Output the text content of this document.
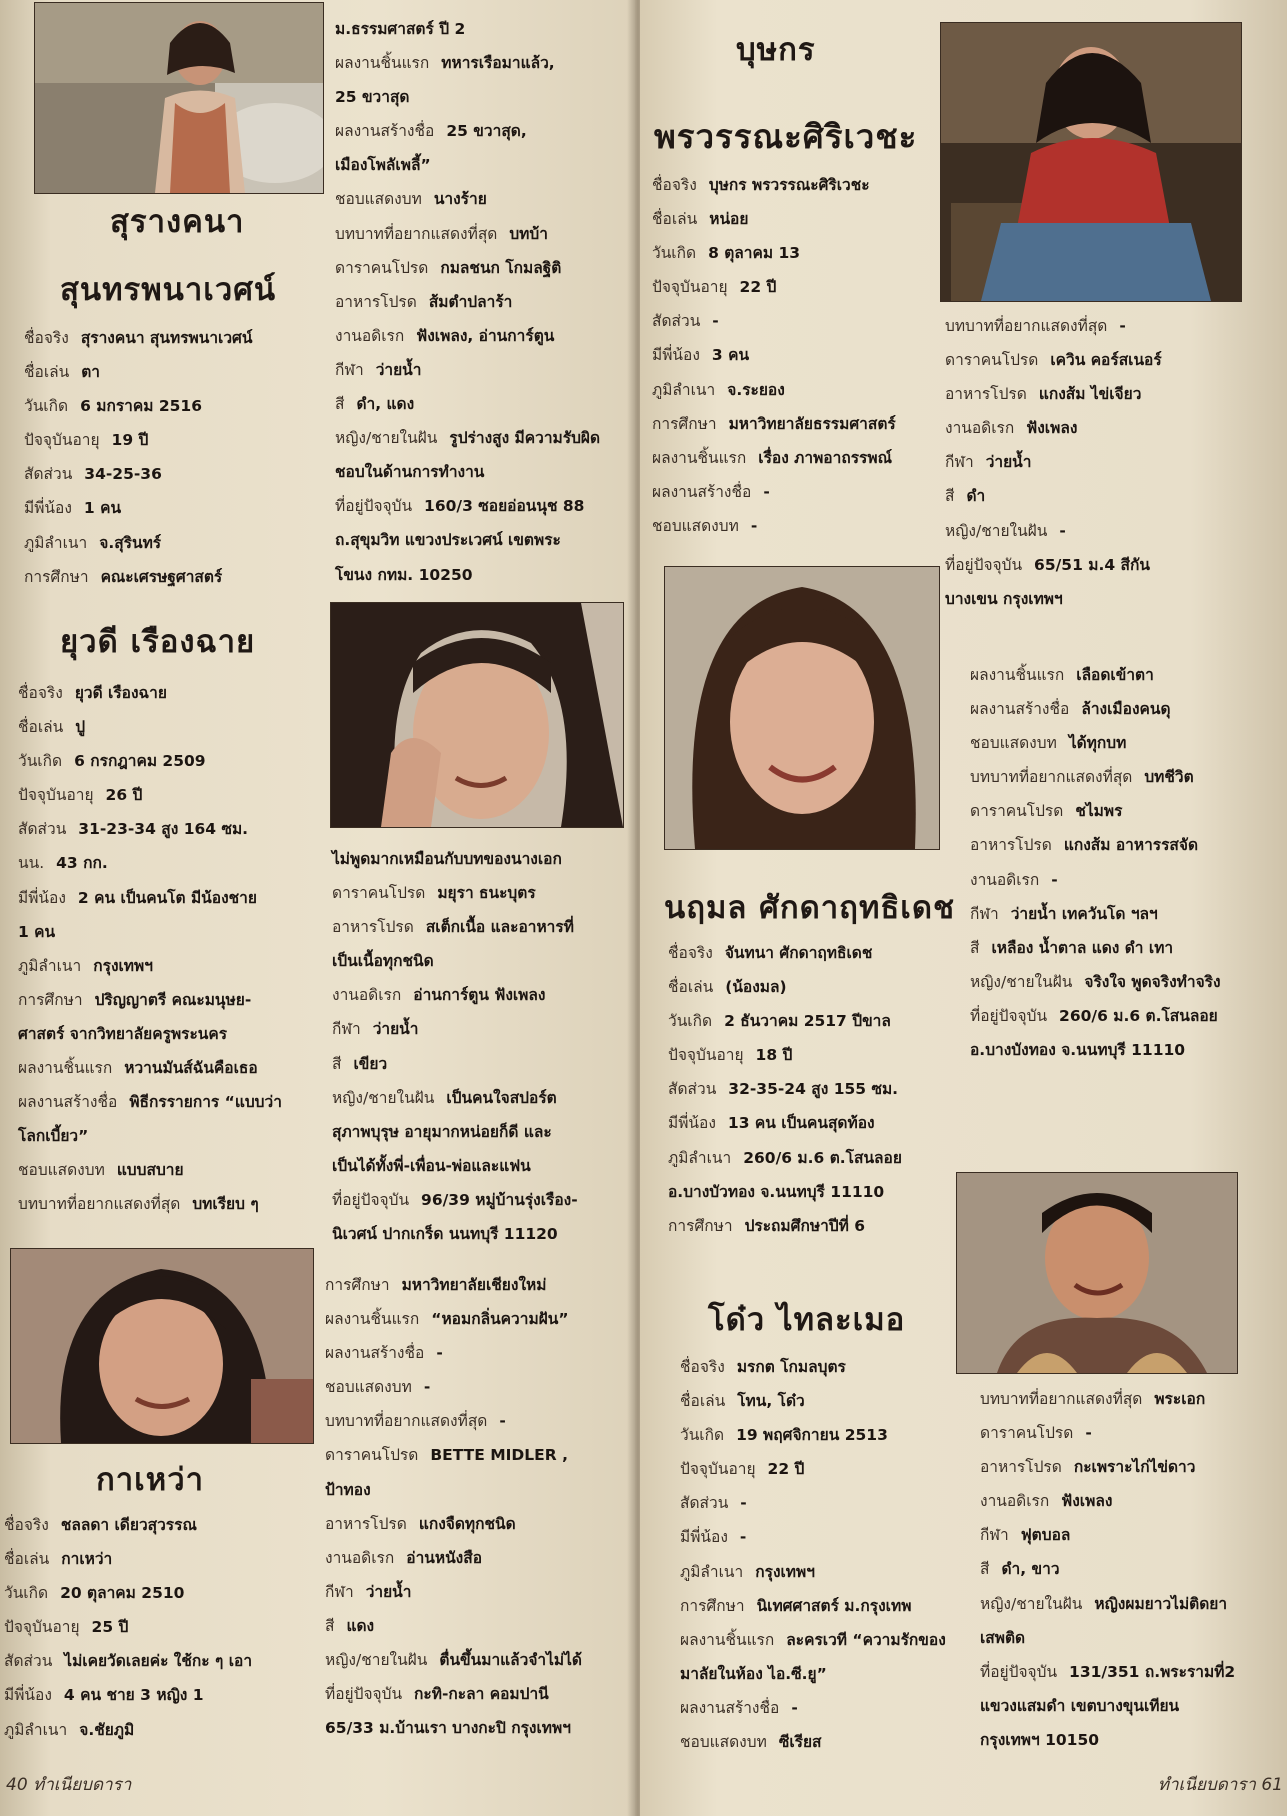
สุรางคนา
สุนทรพนาเวศน์
ชื่อจริง สุรางคนา สุนทรพนาเวศน์
ชื่อเล่น ตา
วันเกิด 6 มกราคม 2516
ปัจจุบันอายุ 19 ปี
สัดส่วน 34-25-36
มีพี่น้อง 1 คน
ภูมิลำเนา จ.สุรินทร์
การศึกษา คณะเศรษฐศาสตร์
ม.ธรรมศาสตร์ ปี 2
ผลงานชิ้นแรก ทหารเรือมาแล้ว,
25 ขวาสุด
ผลงานสร้างชื่อ 25 ขวาสุด,
เมืองโพลัเพลี้”
ชอบแสดงบท นางร้าย
บทบาทที่อยากแสดงที่สุด บทบ้า
ดาราคนโปรด กมลชนก โกมลฐิติ
อาหารโปรด ส้มตำปลาร้า
งานอดิเรก ฟังเพลง, อ่านการ์ตูน
กีฬา ว่ายน้ำ
สี ดำ, แดง
หญิง/ชายในฝัน รูปร่างสูง มีความรับผิด
ชอบในด้านการทำงาน
ที่อยู่ปัจจุบัน 160/3 ซอยอ่อนนุช 88
ถ.สุขุมวิท แขวงประเวศน์ เขตพระ
โขนง กทม. 10250
ยุวดี เรืองฉาย
ชื่อจริง ยุวดี เรืองฉาย
ชื่อเล่น ปู
วันเกิด 6 กรกฎาคม 2509
ปัจจุบันอายุ 26 ปี
สัดส่วน 31-23-34 สูง 164 ซม.
นน. 43 กก.
มีพี่น้อง 2 คน เป็นคนโต มีน้องชาย
1 คน
ภูมิลำเนา กรุงเทพฯ
การศึกษา ปริญญาตรี คณะมนุษย-
ศาสตร์ จากวิทยาลัยครูพระนคร
ผลงานชิ้นแรก หวานมันส์ฉันคือเธอ
ผลงานสร้างชื่อ พิธีกรรายการ “แบบว่า
โลกเบี้ยว”
ชอบแสดงบท แบบสบาย
บทบาทที่อยากแสดงที่สุด บทเรียบ ๆ
ไม่พูดมากเหมือนกับบทของนางเอก
ดาราคนโปรด มยุรา ธนะบุตร
อาหารโปรด สเต็กเนื้อ และอาหารที่
เป็นเนื้อทุกชนิด
งานอดิเรก อ่านการ์ตูน ฟังเพลง
กีฬา ว่ายน้ำ
สี เขียว
หญิง/ชายในฝัน เป็นคนใจสปอร์ต
สุภาพบุรุษ อายุมากหน่อยก็ดี และ
เป็นได้ทั้งพี่-เพื่อน-พ่อและแฟน
ที่อยู่ปัจจุบัน 96/39 หมู่บ้านรุ่งเรือง-
นิเวศน์ ปากเกร็ด นนทบุรี 11120
กาเหว่า
ชื่อจริง ชลลดา เดียวสุวรรณ
ชื่อเล่น กาเหว่า
วันเกิด 20 ตุลาคม 2510
ปัจจุบันอายุ 25 ปี
สัดส่วน ไม่เคยวัดเลยค่ะ ใช้กะ ๆ เอา
มีพี่น้อง 4 คน ชาย 3 หญิง 1
ภูมิลำเนา จ.ชัยภูมิ
การศึกษา มหาวิทยาลัยเชียงใหม่
ผลงานชิ้นแรก “หอมกลิ่นความฝัน”
ผลงานสร้างชื่อ -
ชอบแสดงบท -
บทบาทที่อยากแสดงที่สุด -
ดาราคนโปรด BETTE MIDLER ,
ป้าทอง
อาหารโปรด แกงจืดทุกชนิด
งานอดิเรก อ่านหนังสือ
กีฬา ว่ายน้ำ
สี แดง
หญิง/ชายในฝัน ตื่นขึ้นมาแล้วจำไม่ได้
ที่อยู่ปัจจุบัน กะทิ-กะลา คอมปานี
65/33 ม.บ้านเรา บางกะปิ กรุงเทพฯ
40 ทำเนียบดารา
บุษกร
พรวรรณะศิริเวชะ
ชื่อจริง บุษกร พรวรรณะศิริเวชะ
ชื่อเล่น หน่อย
วันเกิด 8 ตุลาคม 13
ปัจจุบันอายุ 22 ปี
สัดส่วน -
มีพี่น้อง 3 คน
ภูมิลำเนา จ.ระยอง
การศึกษา มหาวิทยาลัยธรรมศาสตร์
ผลงานชิ้นแรก เรื่อง ภาพอาถรรพณ์
ผลงานสร้างชื่อ -
ชอบแสดงบท -
บทบาทที่อยากแสดงที่สุด -
ดาราคนโปรด เควิน คอร์สเนอร์
อาหารโปรด แกงส้ม ไข่เจียว
งานอดิเรก ฟังเพลง
กีฬา ว่ายน้ำ
สี ดำ
หญิง/ชายในฝัน -
ที่อยู่ปัจจุบัน 65/51 ม.4 สีกัน
บางเขน กรุงเทพฯ
นฤมล ศักดาฤทธิเดช
ชื่อจริง จันทนา ศักดาฤทธิเดช
ชื่อเล่น (น้องมล)
วันเกิด 2 ธันวาคม 2517 ปีขาล
ปัจจุบันอายุ 18 ปี
สัดส่วน 32-35-24 สูง 155 ซม.
มีพี่น้อง 13 คน เป็นคนสุดท้อง
ภูมิลำเนา 260/6 ม.6 ต.โสนลอย
อ.บางบัวทอง จ.นนทบุรี 11110
การศึกษา ประถมศึกษาปีที่ 6
ผลงานชิ้นแรก เลือดเข้าตา
ผลงานสร้างชื่อ ล้างเมืองคนดุ
ชอบแสดงบท ได้ทุกบท
บทบาทที่อยากแสดงที่สุด บทชีวิต
ดาราคนโปรด ชไมพร
อาหารโปรด แกงส้ม อาหารรสจัด
งานอดิเรก -
กีฬา ว่ายน้ำ เทควันโด ฯลฯ
สี เหลือง น้ำตาล แดง ดำ เทา
หญิง/ชายในฝัน จริงใจ พูดจริงทำจริง
ที่อยู่ปัจจุบัน 260/6 ม.6 ต.โสนลอย
อ.บางบังทอง จ.นนทบุรี 11110
โด๋ว ไทละเมอ
ชื่อจริง มรกต โกมลบุตร
ชื่อเล่น โทน, โด๋ว
วันเกิด 19 พฤศจิกายน 2513
ปัจจุบันอายุ 22 ปี
สัดส่วน -
มีพี่น้อง -
ภูมิลำเนา กรุงเทพฯ
การศึกษา นิเทศศาสตร์ ม.กรุงเทพ
ผลงานชิ้นแรก ละครเวที “ความรักของ
มาลัยในห้อง ไอ.ซี.ยู”
ผลงานสร้างชื่อ -
ชอบแสดงบท ซีเรียส
บทบาทที่อยากแสดงที่สุด พระเอก
ดาราคนโปรด -
อาหารโปรด กะเพราะไก่ไข่ดาว
งานอดิเรก ฟังเพลง
กีฬา ฟุตบอล
สี ดำ, ขาว
หญิง/ชายในฝัน หญิงผมยาวไม่ติดยา
เสพติด
ที่อยู่ปัจจุบัน 131/351 ถ.พระรามที่2
แขวงแสมดำ เขตบางขุนเทียน
กรุงเทพฯ 10150
ทำเนียบดารา 61
